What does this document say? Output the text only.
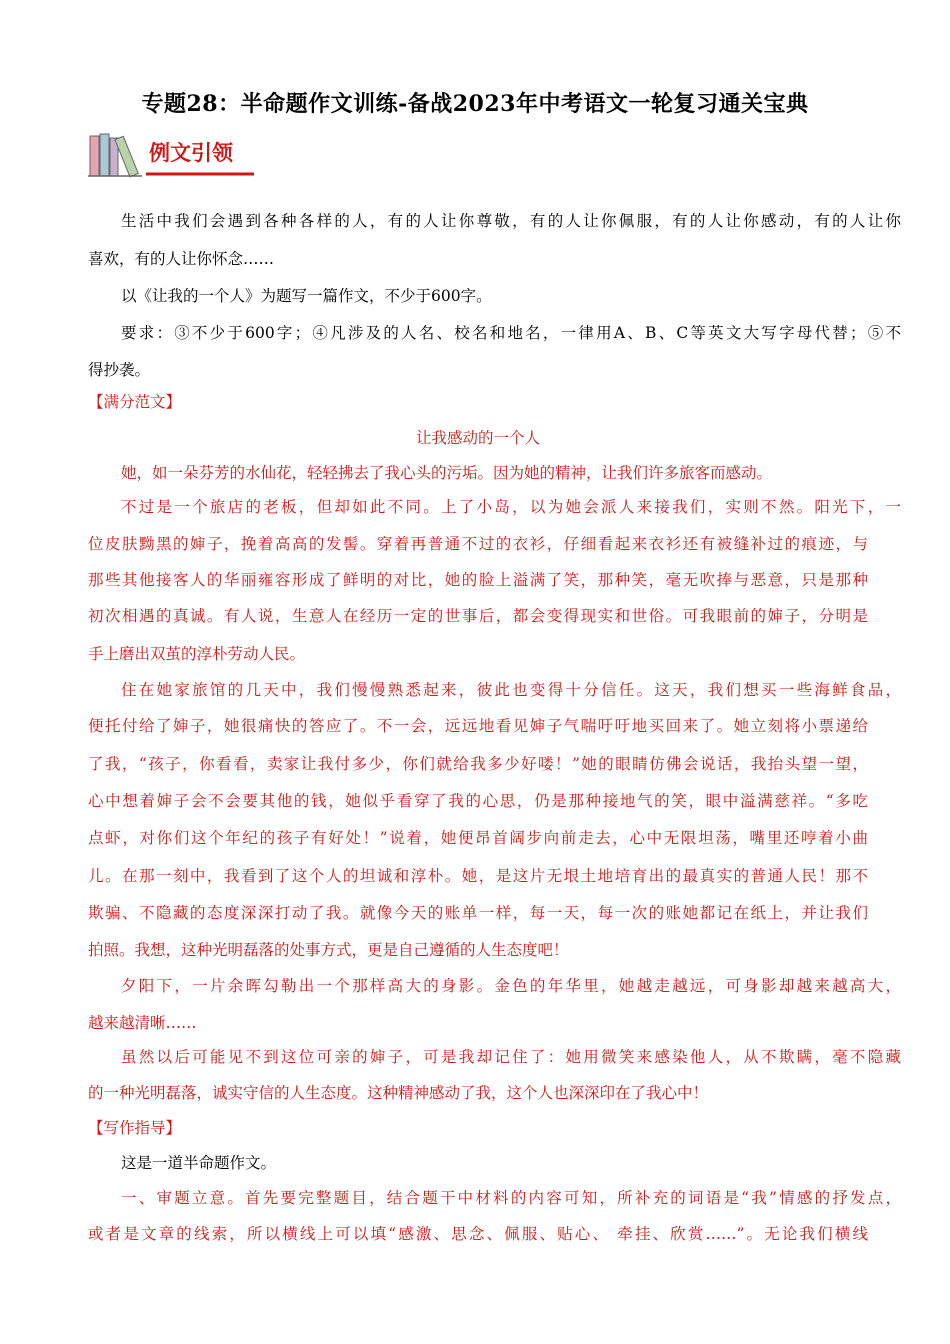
专题28：半命题作文训练-备战2023年中考语文一轮复习通关宝典
例文引领
生活中我们会遇到各种各样的人，有的人让你尊敬，有的人让你佩服，有的人让你感动，有的人让你
喜欢，有的人让你怀念……
以《让我的一个人》为题写一篇作文，不少于600字。
要求：③不少于600字；④凡涉及的人名、校名和地名，一律用A、B、C等英文大写字母代替；⑤不
得抄袭。
【满分范文】
让我感动的一个人
她，如一朵芬芳的水仙花，轻轻拂去了我心头的污垢。因为她的精神，让我们许多旅客而感动。
不过是一个旅店的老板，但却如此不同。上了小岛，以为她会派人来接我们，实则不然。阳光下，一
位皮肤黝黑的婶子，挽着高高的发髻。穿着再普通不过的衣衫，仔细看起来衣衫还有被缝补过的痕迹，与
那些其他接客人的华丽雍容形成了鲜明的对比，她的脸上溢满了笑，那种笑，毫无吹捧与恶意，只是那种
初次相遇的真诚。有人说，生意人在经历一定的世事后，都会变得现实和世俗。可我眼前的婶子，分明是
手上磨出双茧的淳朴劳动人民。
住在她家旅馆的几天中，我们慢慢熟悉起来，彼此也变得十分信任。这天，我们想买一些海鲜食品，
便托付给了婶子，她很痛快的答应了。不一会，远远地看见婶子气喘吁吁地买回来了。她立刻将小票递给
了我，“孩子，你看看，卖家让我付多少，你们就给我多少好喽！”她的眼睛仿佛会说话，我抬头望一望，
心中想着婶子会不会要其他的钱，她似乎看穿了我的心思，仍是那种接地气的笑，眼中溢满慈祥。“多吃
点虾，对你们这个年纪的孩子有好处！”说着，她便昂首阔步向前走去，心中无限坦荡，嘴里还哼着小曲
儿。在那一刻中，我看到了这个人的坦诚和淳朴。她，是这片无垠土地培育出的最真实的普通人民！那不
欺骗、不隐藏的态度深深打动了我。就像今天的账单一样，每一天，每一次的账她都记在纸上，并让我们
拍照。我想，这种光明磊落的处事方式，更是自己遵循的人生态度吧！
夕阳下，一片余晖勾勒出一个那样高大的身影。金色的年华里，她越走越远，可身影却越来越高大，
越来越清晰……
虽然以后可能见不到这位可亲的婶子，可是我却记住了：她用微笑来感染他人，从不欺瞒，毫不隐藏
的一种光明磊落，诚实守信的人生态度。这种精神感动了我，这个人也深深印在了我心中！
【写作指导】
这是一道半命题作文。
一、审题立意。首先要完整题目，结合题干中材料的内容可知，所补充的词语是“我”情感的抒发点，
或者是文章的线索，所以横线上可以填“感激、思念、佩服、贴心、 牵挂、欣赏……”。无论我们横线
